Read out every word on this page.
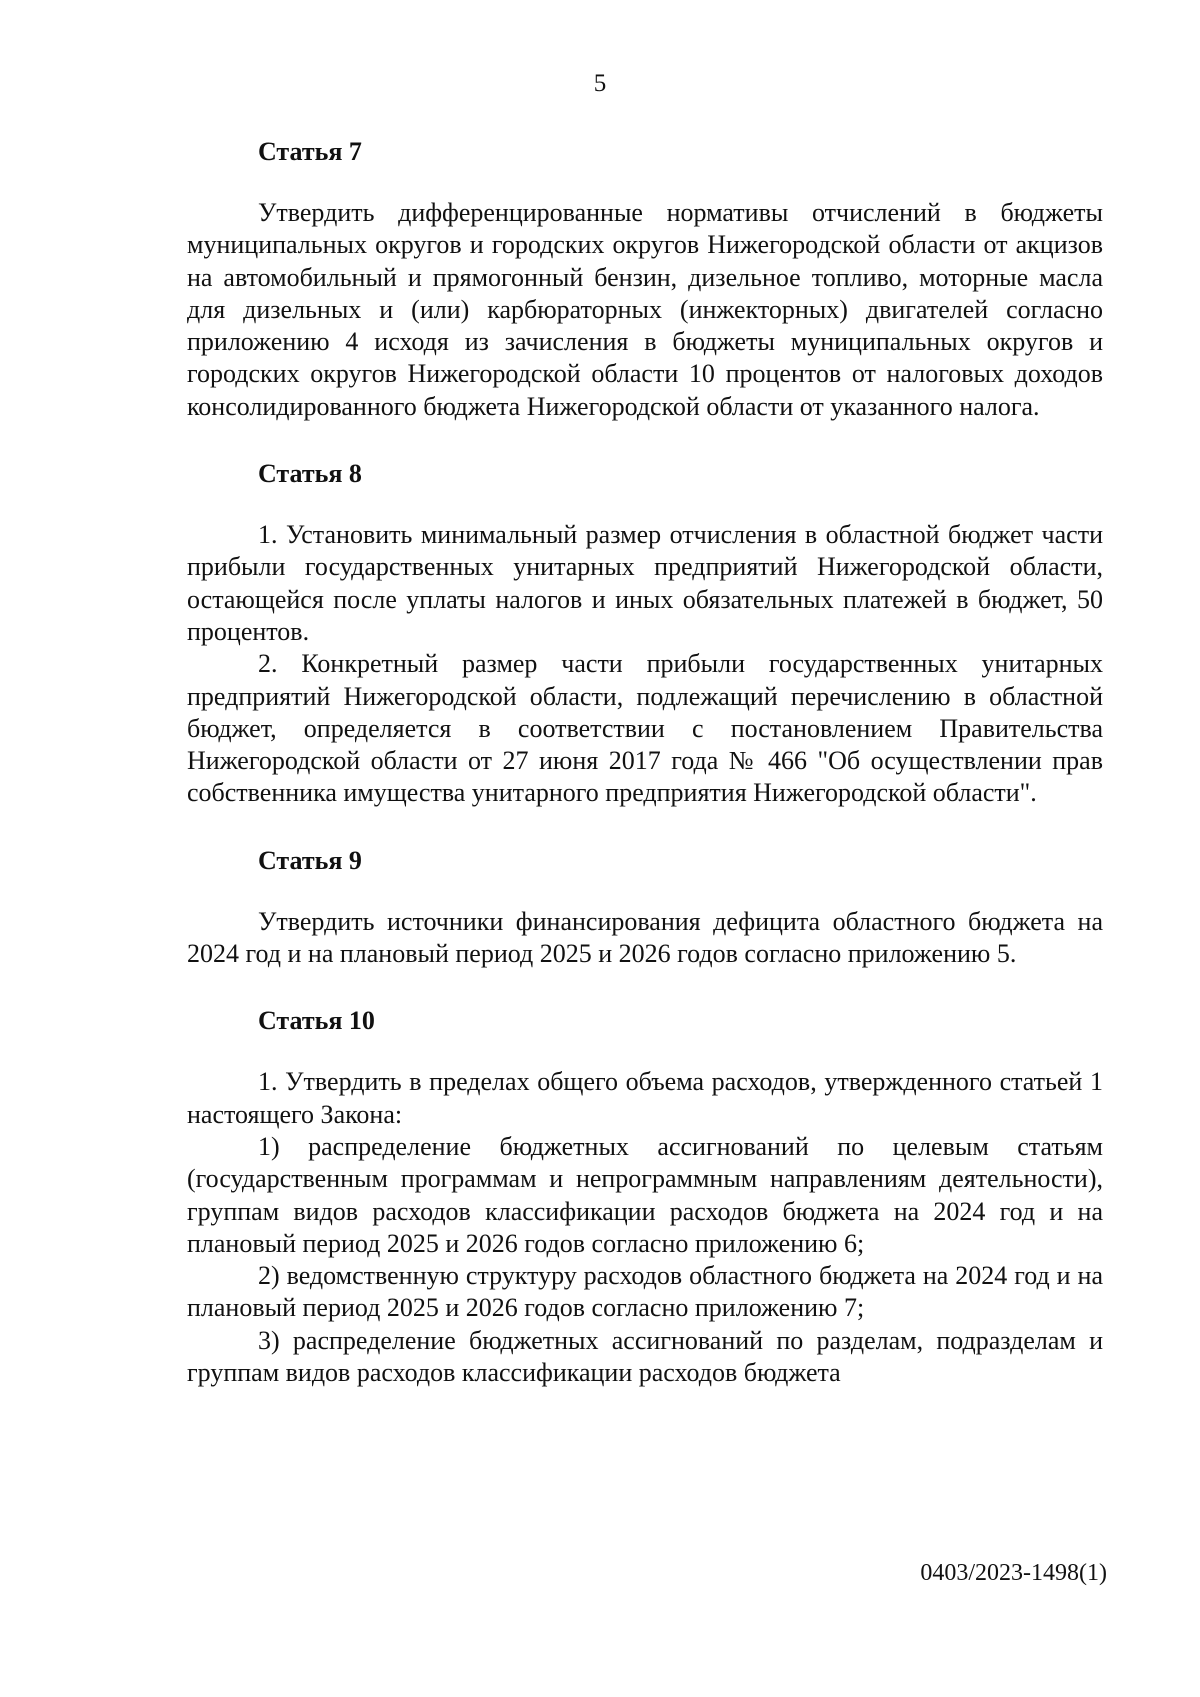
5
Статья 7

Утвердить дифференцированные нормативы отчислений в бюджеты муниципальных округов и городских округов Нижегородской области от акцизов на автомобильный и прямогонный бензин, дизельное топливо, моторные масла для дизельных и (или) карбюраторных (инжекторных) двигателей согласно приложению 4 исходя из зачисления в бюджеты муниципальных округов и городских округов Нижегородской области 10 процентов от налоговых доходов консолидированного бюджета Нижегородской области от указанного налога.

Статья 8

1. Установить минимальный размер отчисления в областной бюджет части прибыли государственных унитарных предприятий Нижегородской области, остающейся после уплаты налогов и иных обязательных платежей в бюджет, 50 процентов.

2. Конкретный размер части прибыли государственных унитарных предприятий Нижегородской области, подлежащий перечислению в областной бюджет, определяется в соответствии с постановлением Правительства Нижегородской области от 27 июня 2017 года № 466 "Об осуществлении прав собственника имущества унитарного предприятия Нижегородской области".

Статья 9

Утвердить источники финансирования дефицита областного бюджета на 2024 год и на плановый период 2025 и 2026 годов согласно приложению 5.

Статья 10

1. Утвердить в пределах общего объема расходов, утвержденного статьей 1 настоящего Закона:

1) распределение бюджетных ассигнований по целевым статьям (государственным программам и непрограммным направлениям деятельности), группам видов расходов классификации расходов бюджета на 2024 год и на плановый период 2025 и 2026 годов согласно приложению 6;

2) ведомственную структуру расходов областного бюджета на 2024 год и на плановый период 2025 и 2026 годов согласно приложению 7;

3) распределение бюджетных ассигнований по разделам, подразделам и группам видов расходов классификации расходов бюджета

0403/2023-1498(1)
